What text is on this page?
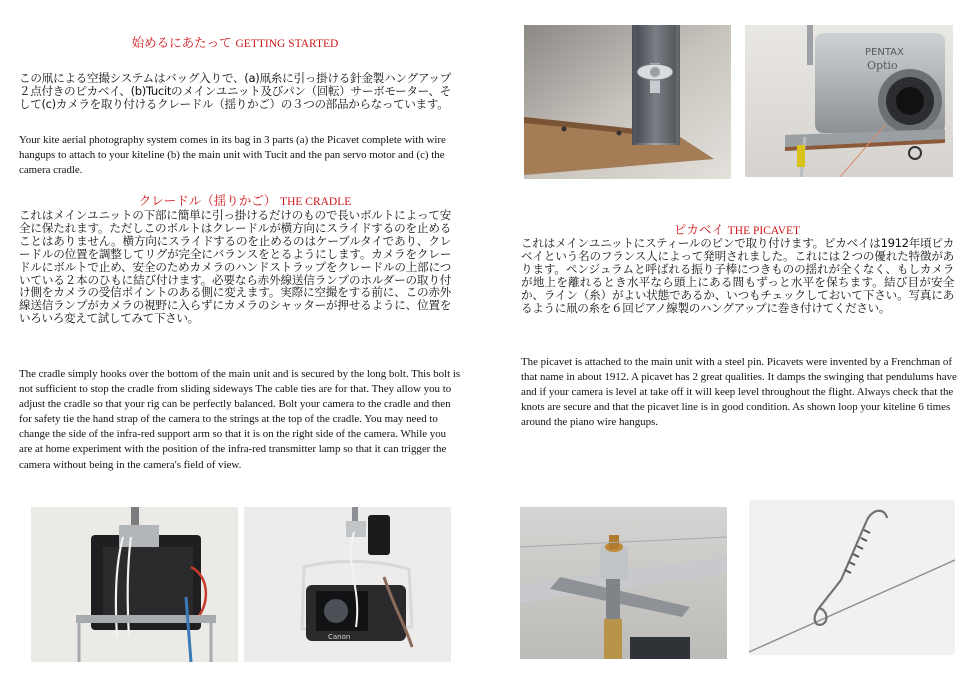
始めるにあたって GETTING STARTED
この凧による空撮システムはバッグ入りで、(a)凧糸に引っ掛ける針金製ハングアップ２点付きのピカベイ、(b)Tucitのメインユニット及びパン（回転）サーボモーター、そして(c)カメラを取り付けるクレードル（揺りかご）の３つの部品からなっています。
Your kite aerial photography system comes in its bag in 3 parts (a) the Picavet complete with wire hangups to attach to your kiteline (b) the main unit with Tucit and the pan servo motor and (c) the camera cradle.
クレードル（揺りかご） THE CRADLE
これはメインユニットの下部に簡単に引っ掛けるだけのもので長いボルトによって安全に保たれます。ただしこのボルトはクレードルが横方向にスライドするのを止めることはありません。横方向にスライドするのを止めるのはケーブルタイであり、クレードルの位置を調整してリグが完全にバランスをとるようにします。カメラをクレードルにボルトで止め、安全のためカメラのハンドストラップをクレードルの上部についている２本のひもに結び付けます。必要なら赤外線送信ランプのホルダーの取り付け側をカメラの受信ポイントのある側に変えます。実際に空撮をする前に、この赤外線送信ランプがカメラの視野に入らずにカメラのシャッターが押せるように、位置をいろいろ変えて試してみて下さい。
The cradle simply hooks over the bottom of the main unit and is secured by the long bolt. This bolt is not sufficient to stop the cradle from sliding sideways The cable ties are for that. They allow you to adjust the cradle so that your rig can be perfectly balanced. Bolt your camera to the cradle and then for safety tie the hand strap of the camera to the strings at the top of the cradle. You may need to change the side of the infra-red support arm so that it is on the right side of the camera. While you are at home experiment with the position of the infra-red transmitter lamp so that it can trigger the camera without being in the camera's field of view.
ピカベイ THE PICAVET
これはメインユニットにスティールのピンで取り付けます。ピカベイは1912年頃ピカベイという名のフランス人によって発明されました。これには２つの優れた特徴があります。ペンジュラムと呼ばれる振り子棒につきものの揺れが全くなく、もしカメラが地上を離れるとき水平なら頭上にある間もずっと水平を保ちます。結び目が安全か、ライン（糸）がよい状態であるか、いつもチェックしておいて下さい。写真にあるように凧の糸を６回ピアノ線製のハングアップに巻き付けてください。
The picavet is attached to the main unit with a steel pin. Picavets were invented by a Frenchman of that name in about 1912. A picavet has 2 great qualities. It damps the swinging that pendulums have and if your camera is level at take off it will keep level throughout the flight. Always check that the knots are secure and that the picavet line is in good condition. As shown loop your kiteline 6 times around the piano wire hangups.
PENTAX
Optio
Canon
